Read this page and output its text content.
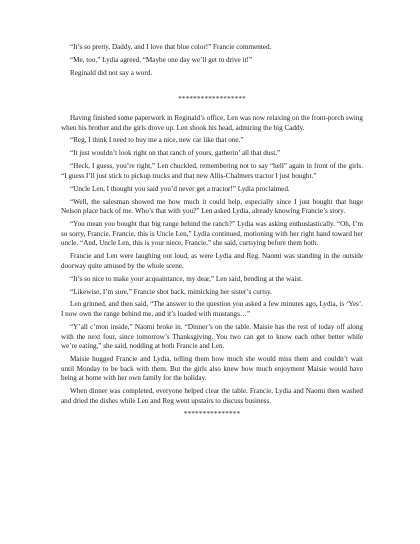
“It’s so pretty, Daddy, and I love that blue color!” Francie commented.

“Me, too,” Lydia agreed. “Maybe one day we’ll get to drive it!”

Reginald did not say a word.

******************

Having finished some paperwork in Reginald’s office, Len was now relaxing on the front-porch swing when his brother and the girls drove up. Len shook his head, admiring the big Caddy.

“Reg, I think I need to buy me a nice, new car like that one.”

“It just wouldn’t look right on that ranch of yours, gatherin’ all that dust.”

“Heck, I guess, you’re right,” Len chuckled, remembering not to say “hell” again in front of the girls. “I guess I’ll just stick to pickup trucks and that new Allis-Chalmers tractor I just bought.”

“Uncle Len, I thought you said you’d never get a tractor!” Lydia proclaimed.

“Well, the salesman showed me how much it could help, especially since I just bought that huge Nelson place back of me. Who’s that with you?” Len asked Lydia, already knowing Francie’s story.

“You mean you bought that big range behind the ranch?” Lydia was asking enthusiastically. “Oh, I’m so sorry, Francie. Francie, this is Uncle Len,” Lydia continued, motioning with her right hand toward her uncle. “And, Uncle Len, this is your niece, Francie,” she said, curtsying before them both.

Francie and Len were laughing out loud, as were Lydia and Reg. Naomi was standing in the outside doorway quite amused by the whole scene.

“It’s so nice to make your acquaintance, my dear,” Len said, bending at the waist.

“Likewise, I’m sure,” Francie shot back, mimicking her sister’s curtsy.

Len grinned, and then said, “The answer to the question you asked a few minutes ago, Lydia, is ‘Yes’. I now own the range behind me, and it’s loaded with mustangs…”

“Y’all c’mon inside,” Naomi broke in. “Dinner’s on the table. Maisie has the rest of today off along with the next four, since tomorrow’s Thanksgiving. You two can get to know each other better while we’re eating,” she said, nodding at both Francie and Len.

Maisie hugged Francie and Lydia, telling them how much she would miss them and couldn’t wait until Monday to be back with them. But the girls also knew how much enjoyment Maisie would have being at home with her own family for the holiday.

When dinner was completed, everyone helped clear the table. Francie, Lydia and Naomi then washed and dried the dishes while Len and Reg went upstairs to discuss business.

***************
